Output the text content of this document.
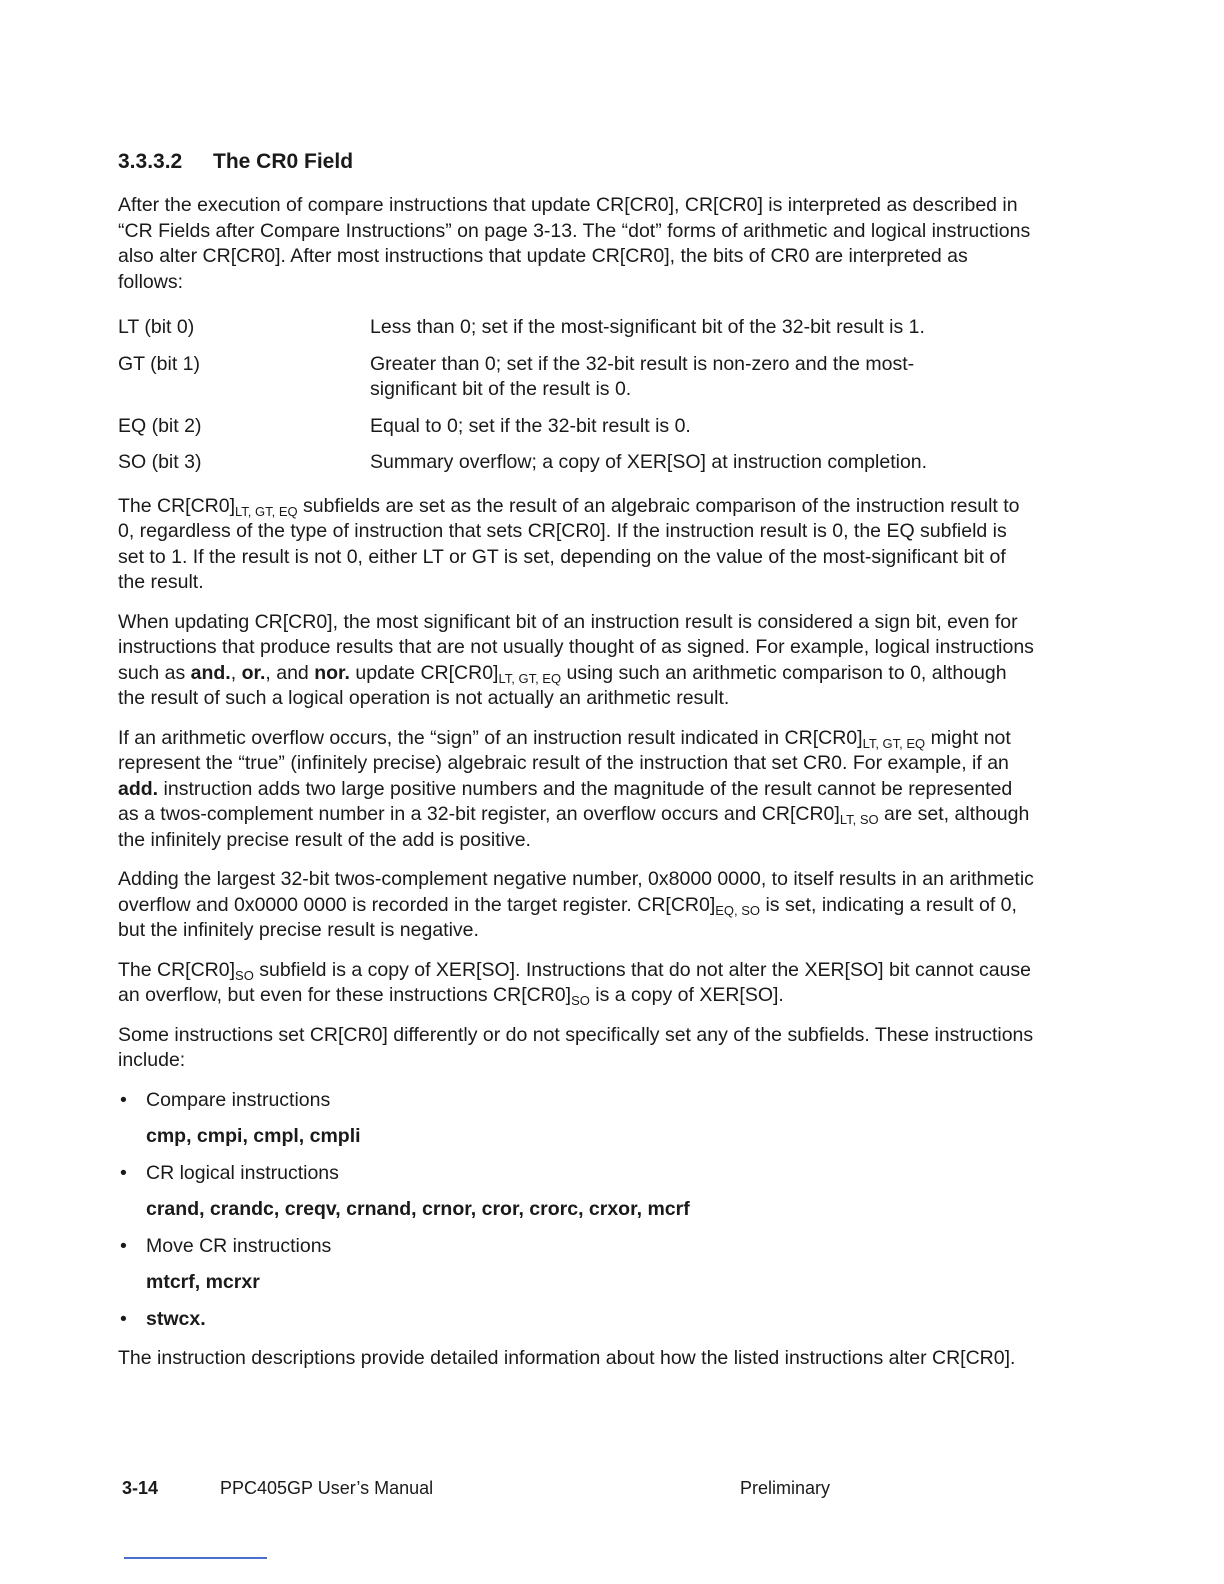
3.3.3.2 The CR0 Field

After the execution of compare instructions that update CR[CR0], CR[CR0] is interpreted as described in “CR Fields after Compare Instructions” on page 3-13. The “dot” forms of arithmetic and logical instructions also alter CR[CR0]. After most instructions that update CR[CR0], the bits of CR0 are interpreted as follows:

LT (bit 0)	Less than 0; set if the most-significant bit of the 32-bit result is 1.
GT (bit 1)	Greater than 0; set if the 32-bit result is non-zero and the most-significant bit of the result is 0.
EQ (bit 2)	Equal to 0; set if the 32-bit result is 0.
SO (bit 3)	Summary overflow; a copy of XER[SO] at instruction completion.

The $CR[CR0]_{LT, GT, EQ}$ subfields are set as the result of an algebraic comparison of the instruction result to 0, regardless of the type of instruction that sets CR[CR0]. If the instruction result is 0, the EQ subfield is set to 1. If the result is not 0, either LT or GT is set, depending on the value of the most-significant bit of the result.

When updating CR[CR0], the most significant bit of an instruction result is considered a sign bit, even for instructions that produce results that are not usually thought of as signed. For example, logical instructions such as and., or., and nor. update $CR[CR0]_{LT, GT, EQ}$ using such an arithmetic comparison to 0, although the result of such a logical operation is not actually an arithmetic result.

If an arithmetic overflow occurs, the “sign” of an instruction result indicated in $CR[CR0]_{LT, GT, EQ}$ might not represent the “true” (infinitely precise) algebraic result of the instruction that set CR0. For example, if an add. instruction adds two large positive numbers and the magnitude of the result cannot be represented as a twos-complement number in a 32-bit register, an overflow occurs and $CR[CR0]_{LT, SO}$ are set, although the infinitely precise result of the add is positive.

Adding the largest 32-bit twos-complement negative number, 0x8000 0000, to itself results in an arithmetic overflow and 0x0000 0000 is recorded in the target register. $CR[CR0]_{EQ, SO}$ is set, indicating a result of 0, but the infinitely precise result is negative.

The $CR[CR0]_{SO}$ subfield is a copy of XER[SO]. Instructions that do not alter the XER[SO] bit cannot cause an overflow, but even for these instructions $CR[CR0]_{SO}$ is a copy of XER[SO].

Some instructions set CR[CR0] differently or do not specifically set any of the subfields. These instructions include:

• Compare instructions
cmp, cmpi, cmpl, cmpli
• CR logical instructions
crand, crandc, creqv, crnand, crnor, cror, crorc, crxor, mcrf
• Move CR instructions
mtcrf, mcrxr
• stwcx.

The instruction descriptions provide detailed information about how the listed instructions alter CR[CR0].

3-14	PPC405GP User’s Manual	Preliminary
